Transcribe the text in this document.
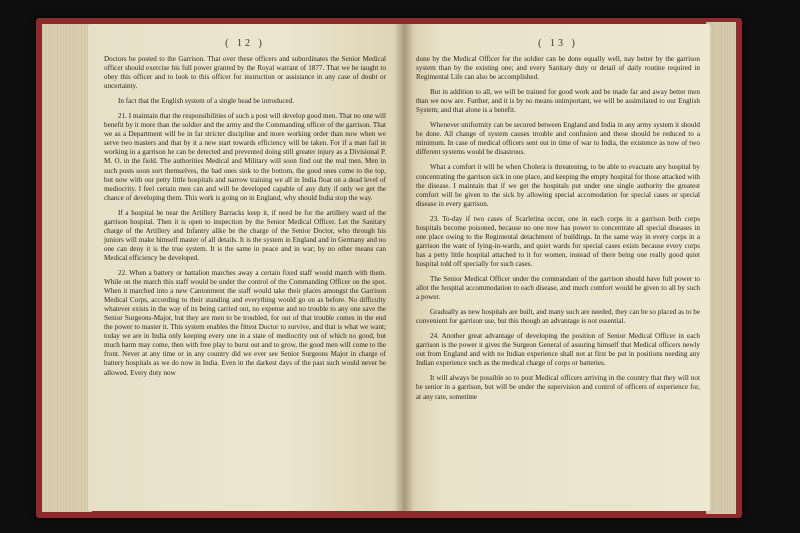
( 12 )

Doctors be posted to the Garrison. That over these officers and subordinates the Senior Medical officer should exercise his full power granted by the Royal warrant of 1877. That we be taught to obey this officer and to look to this officer for instruction or assistance in any case of doubt or uncertainty.

In fact that the English system of a single head be introduced.

21. I maintain that the responsibilities of such a post will develop good men. That no one will benefit by it more than the soldier and the army and the Commanding officer of the garrison. That we as a Department will be in far stricter discipline and more working order than now when we serve two masters and that by it a new start towards efficiency will be taken. For if a man fail in working in a garrison he can be detected and prevented doing still greater injury as a Divisional P. M. O. in the field. The authorities Medical and Military will soon find out the real men. Men in such posts soon sort themselves, the bad ones sink to the bottom, the good ones come to the top, but now with our petty little hospitals and narrow training we all in India float on a dead level of mediocrity. I feel certain men can and will be developed capable of any duty if only we get the chance of developing them. This work is going on in England, why should India stop the way.

If a hospital be near the Artillery Barracks keep it, if need be for the artillery ward of the garrison hospital. Then it is open to inspection by the Senior Medical Officer. Let the Sanitary charge of the Artillery and Infantry alike be the charge of the Senior Doctor, who through his juniors will make himself master of all details. It is the system in England and in Germany and no one can deny it is the true system. It is the same in peace and in war; by no other means can Medical efficiency be developed.

22. When a battery or battalion marches away a certain fixed staff would march with them. While on the march this staff would be under the control of the Commanding Officer on the spot. When it marched into a new Cantonment the staff would take their places amongst the Garrison Medical Corps, according to their standing and everything would go on as before. No difficulty whatever exists in the way of its being carried out, no expense and no trouble to any one save the Senior Surgeons-Major, but they are men to be troubled, for out of that trouble comes in the end the power to master it. This system enables the fittest Doctor to survive, and that is what we want; today we are in India only keeping every one in a state of mediocrity out of which no good, but much harm may come, then with free play to burst out and to grow, the good men will come to the front. Never at any time or in any country did we ever see Senior Surgeons Major in charge of battery hospitals as we do now in India. Even in the darkest days of the past such would never be allowed. Every duty now

( 13 )

done by the Medical Officer for the soldier can be done equally well, nay better by the garrison system than by the existing one; and every Sanitary duty or detail of daily routine required in Regimental Life can also be accomplished.

But in addition to all, we will be trained for good work and be made far and away better men than we now are. Further, and it is by no means unimportant, we will be assimilated to our English System; and that alone is a benefit.

Whenever uniformity can be secured between England and India in any army system it should be done. All change of system causes trouble and confusion and these should be reduced to a minimum. In case of medical officers sent out in time of war to India, the existence as now of two different systems would be disastrous.

What a comfort it will be when Cholera is threatening, to be able to evacuate any hospital by concentrating the garrison sick in one place, and keeping the empty hospital for those attacked with the disease. I maintain that if we get the hospitals put under one single authority the greatest comfort will be given to the sick by allowing special accomodation for special cases or special disease in every garrison.

23. To-day if two cases of Scarletina occur, one in each corps in a garrison both corps hospitals become poisoned, because no one now has power to concentrate all special diseases in one place owing to the Regimental detachment of buildings. In the same way in every corps in a garrison the want of lying-in-wards, and quiet wards for special cases exists because every corps has a petty little hospital attached to it for women, instead of there being one really good quiet hospital told off specially for such cases.

The Senior Medical Officer under the commandant of the garrison should have full power to allot the hospital accommodation to each disease, and much comfort would be given to all by such a power.

Gradually as new hospitals are built, and many such are needed, they can be so placed as to be convenient for garrison use, but this though an advantage is not essential.

24. Another great advantage of developing the position of Senior Medical Officer in each garrison is the power it gives the Surgeon General of assuring himself that Medical officers newly out from England and with no Indian experience shall not at first be put in positions needing any Indian experience such as the medical charge of corps or batteries.

It will always be possible so to post Medical officers arriving in the country that they will not be senior in a garrison, but will be under the supervision and control of officers of experience for, at any rate, sometime
